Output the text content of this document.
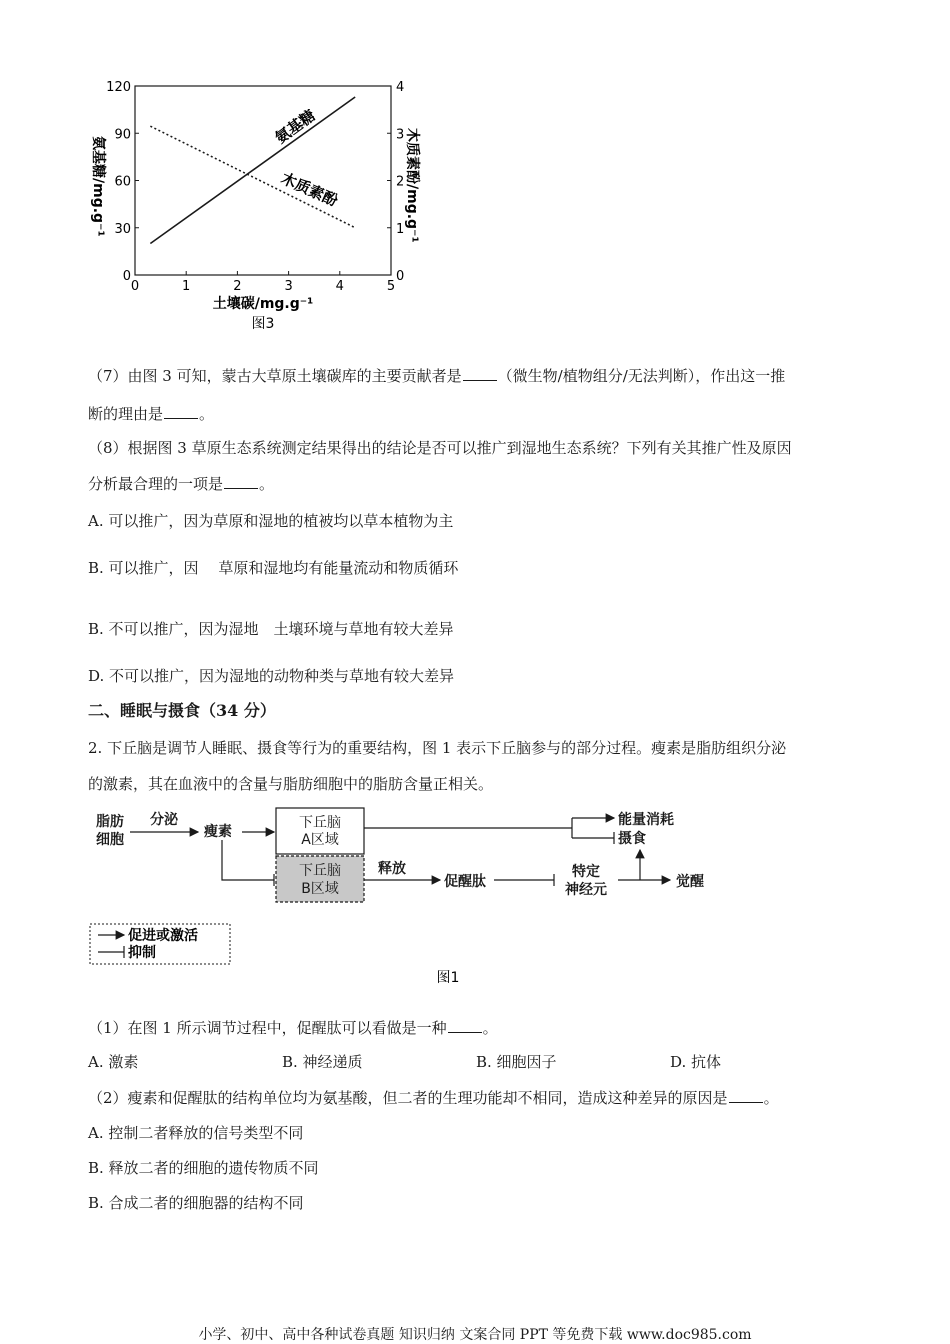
0
30
60
90
120
0
1
2
3
4
0	1	2	3	4	5
氨基糖
木质素酚
氨基糖/mg.g⁻¹	木质素酚/mg.g⁻¹
土壤碳/mg.g⁻¹
图3
（7）由图 3 可知，蒙古大草原土壤碳库的主要贡献者是 （微生物/植物组分/无法判断），作出这一推
断的理由是 。
（8）根据图 3 草原生态系统测定结果得出的结论是否可以推广到湿地生态系统？下列有关其推广性及原因
分析最合理的一项是 。
A. 可以推广，因为草原和湿地的植被均以草本植物为主
B. 可以推广，因　 草原和湿地均有能量流动和物质循环
B. 不可以推广，因为湿地　土壤环境与草地有较大差异
D. 不可以推广，因为湿地的动物种类与草地有较大差异
二、睡眠与摄食（34 分）
2. 下丘脑是调节人睡眠、摄食等行为的重要结构，图 1 表示下丘脑参与的部分过程。瘦素是脂肪组织分泌
的激素，其在血液中的含量与脂肪细胞中的脂肪含量正相关。
脂肪
细胞
分泌
瘦素
下丘脑
A区域
下丘脑
B区域
释放
促醒肽
特定
神经元	觉醒
能量消耗
摄食
促进或激活
抑制
图1
（1）在图 1 所示调节过程中，促醒肽可以看做是一种 。
A. 激素	B. 神经递质	B. 细胞因子	D. 抗体
（2）瘦素和促醒肽的结构单位均为氨基酸，但二者的生理功能却不相同，造成这种差异的原因是 。
A. 控制二者释放的信号类型不同
B. 释放二者的细胞的遗传物质不同
B. 合成二者的细胞器的结构不同
小学、初中、高中各种试卷真题 知识归纳 文案合同 PPT 等免费下载 www.doc985.com
